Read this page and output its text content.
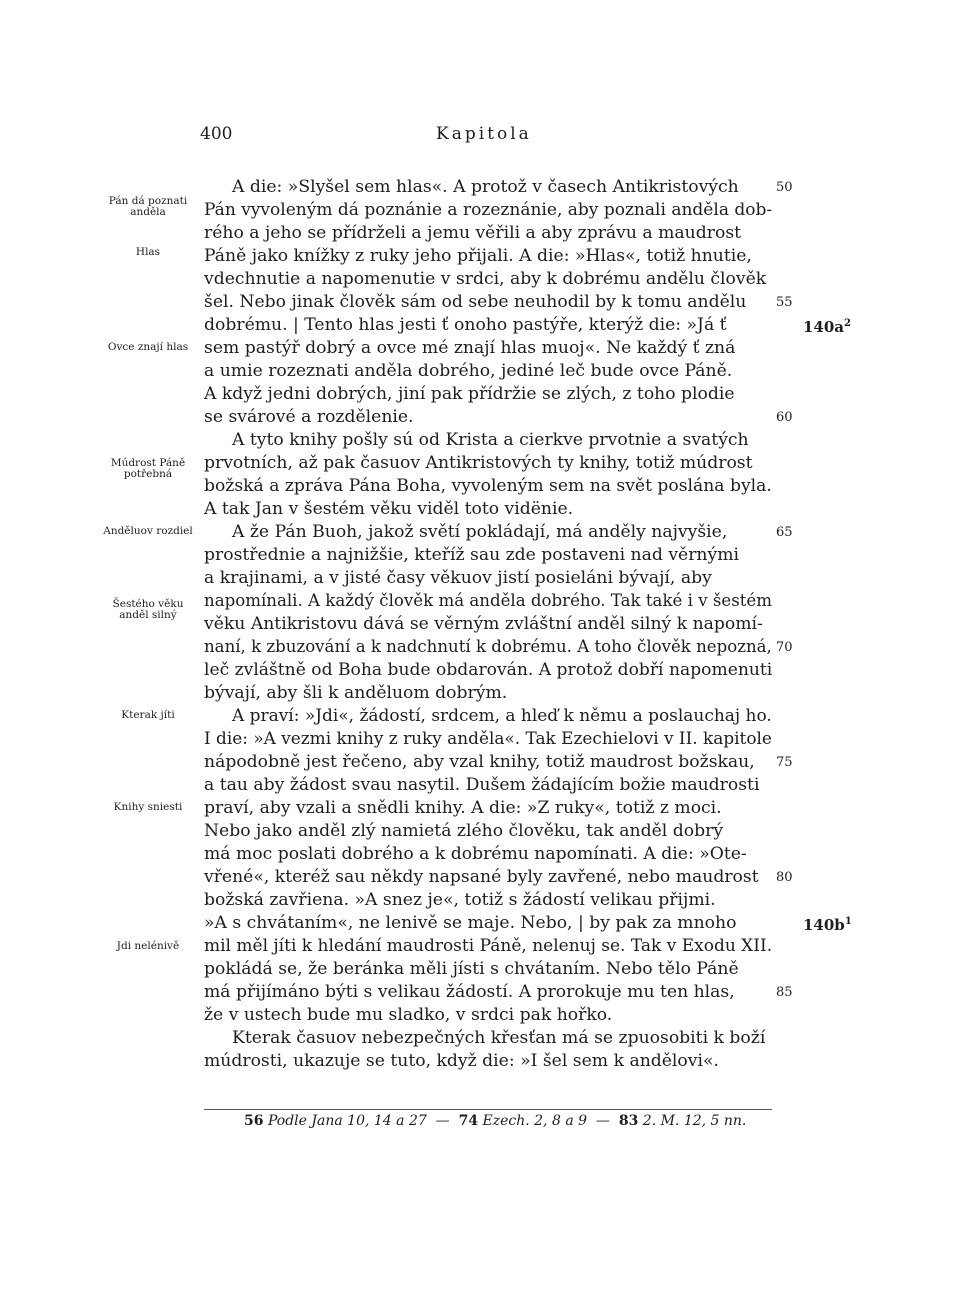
400	Kapitola
A die: »Slyšel sem hlas«. A protož v časech Antikristových	50
Pán vyvoleným dá poznánie a rozeznánie, aby poznali anděla dob-
rého a jeho se přídrželi a jemu věřili a aby zprávu a maudrost
Páně jako knížky z ruky jeho přijali. A die: »Hlas«, totiž hnutie,
vdechnutie a napomenutie v srdci, aby k dobrému andělu člověk
šel. Nebo jinak člověk sám od sebe neuhodil by k tomu andělu	55
dobrému. | Tento hlas jesti ť onoho pastýře, kterýž die: »Já ť
sem pastýř dobrý a ovce mé znají hlas muoj«. Ne každý ť zná
a umie rozeznati anděla dobrého, jediné leč bude ovce Páně.
A když jedni dobrých, jiní pak přídržie se zlých, z toho plodie
se svárové a rozdělenie.	60
A tyto knihy pošly sú od Krista a cierkve prvotnie a svatých
prvotních, až pak časuov Antikristových ty knihy, totiž múdrost
božská a zpráva Pána Boha, vyvoleným sem na svět poslána byla.
A tak Jan v šestém věku viděl toto vidënie.
A že Pán Buoh, jakož světí pokládají, má anděly najvyšie,	65
prostřednie a najnižšie, kteříž sau zde postaveni nad věrnými
a krajinami, a v jisté časy věkuov jistí posieláni bývají, aby
napomínali. A každý člověk má anděla dobrého. Tak také i v šestém
věku Antikristovu dává se věrným zvláštní anděl silný k napomí-
naní, k zbuzování a k nadchnutí k dobrému. A toho člověk nepozná, 70
leč zvláštně od Boha bude obdarován. A protož dobří napomenuti
bývají, aby šli k anděluom dobrým.
A praví: »Jdi«, žádostí, srdcem, a hleď k němu a poslauchaj ho.
I die: »A vezmi knihy z ruky anděla«. Tak Ezechielovi v II. kapitole
nápodobně jest řečeno, aby vzal knihy, totiž maudrost božskau,	75
a tau aby žádost svau nasytil. Dušem žádajícím božie maudrosti
praví, aby vzali a snědli knihy. A die: »Z ruky«, totiž z moci.
Nebo jako anděl zlý namietá zlého člověku, tak anděl dobrý
má moc poslati dobrého a k dobrému napomínati. A die: »Ote-
vřené«, kteréž sau někdy napsané byly zavřené, nebo maudrost	80
božská zavřiena. »A snez je«, totiž s žádostí velikau přijmi.
»A s chvátaním«, ne lenivě se maje. Nebo, | by pak za mnoho
mil měl jíti k hledání maudrosti Páně, nelenuj se. Tak v Exodu XII.
pokládá se, že beránka měli jísti s chvátaním. Nebo tělo Páně
má přijímáno býti s velikau žádostí. A prorokuje mu ten hlas,	85
že v ustech bude mu sladko, v srdci pak hořko.
Kterak časuov nebezpečných křesťan má se zpuosobiti k boží
múdrosti, ukazuje se tuto, když die: »I šel sem k andělovi«.
Pán dá poznati anděla
Hlas
Ovce znají hlas
Múdrost Páně potřebná
Anděluov rozdiel
Šestého věku anděl silný
Kterak jíti
Knihy sniesti
Jdi nelénivě
$140a^2$
$140b^1$
56 Podle Jana 10, 14 a 27  —  74 Ezech. 2, 8 a 9  —  83 2. M. 12, 5 nn.
